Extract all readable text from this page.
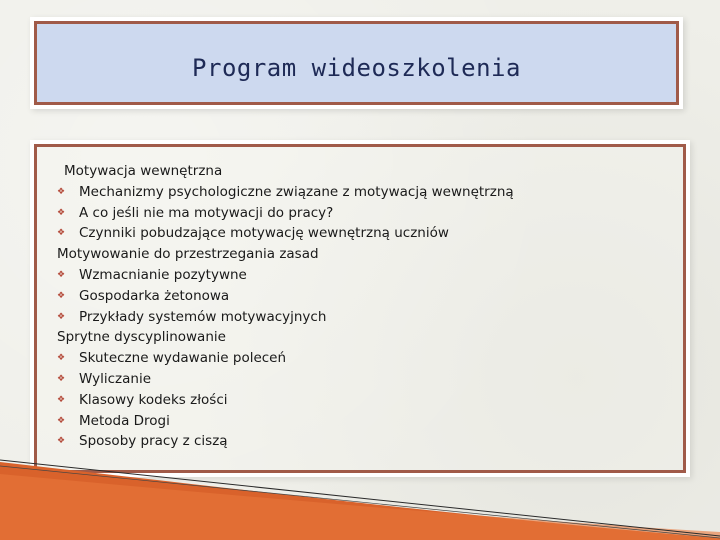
Program wideoszkolenia
Motywacja wewnętrzna
❖ Mechanizmy psychologiczne związane z motywacją wewnętrzną
❖ A co jeśli nie ma motywacji do pracy?
❖ Czynniki pobudzające motywację wewnętrzną uczniów
Motywowanie do przestrzegania zasad
❖ Wzmacnianie pozytywne
❖ Gospodarka żetonowa
❖ Przykłady systemów motywacyjnych
Sprytne dyscyplinowanie
❖ Skuteczne wydawanie poleceń
❖ Wyliczanie
❖ Klasowy kodeks złości
❖ Metoda Drogi
❖ Sposoby pracy z ciszą
